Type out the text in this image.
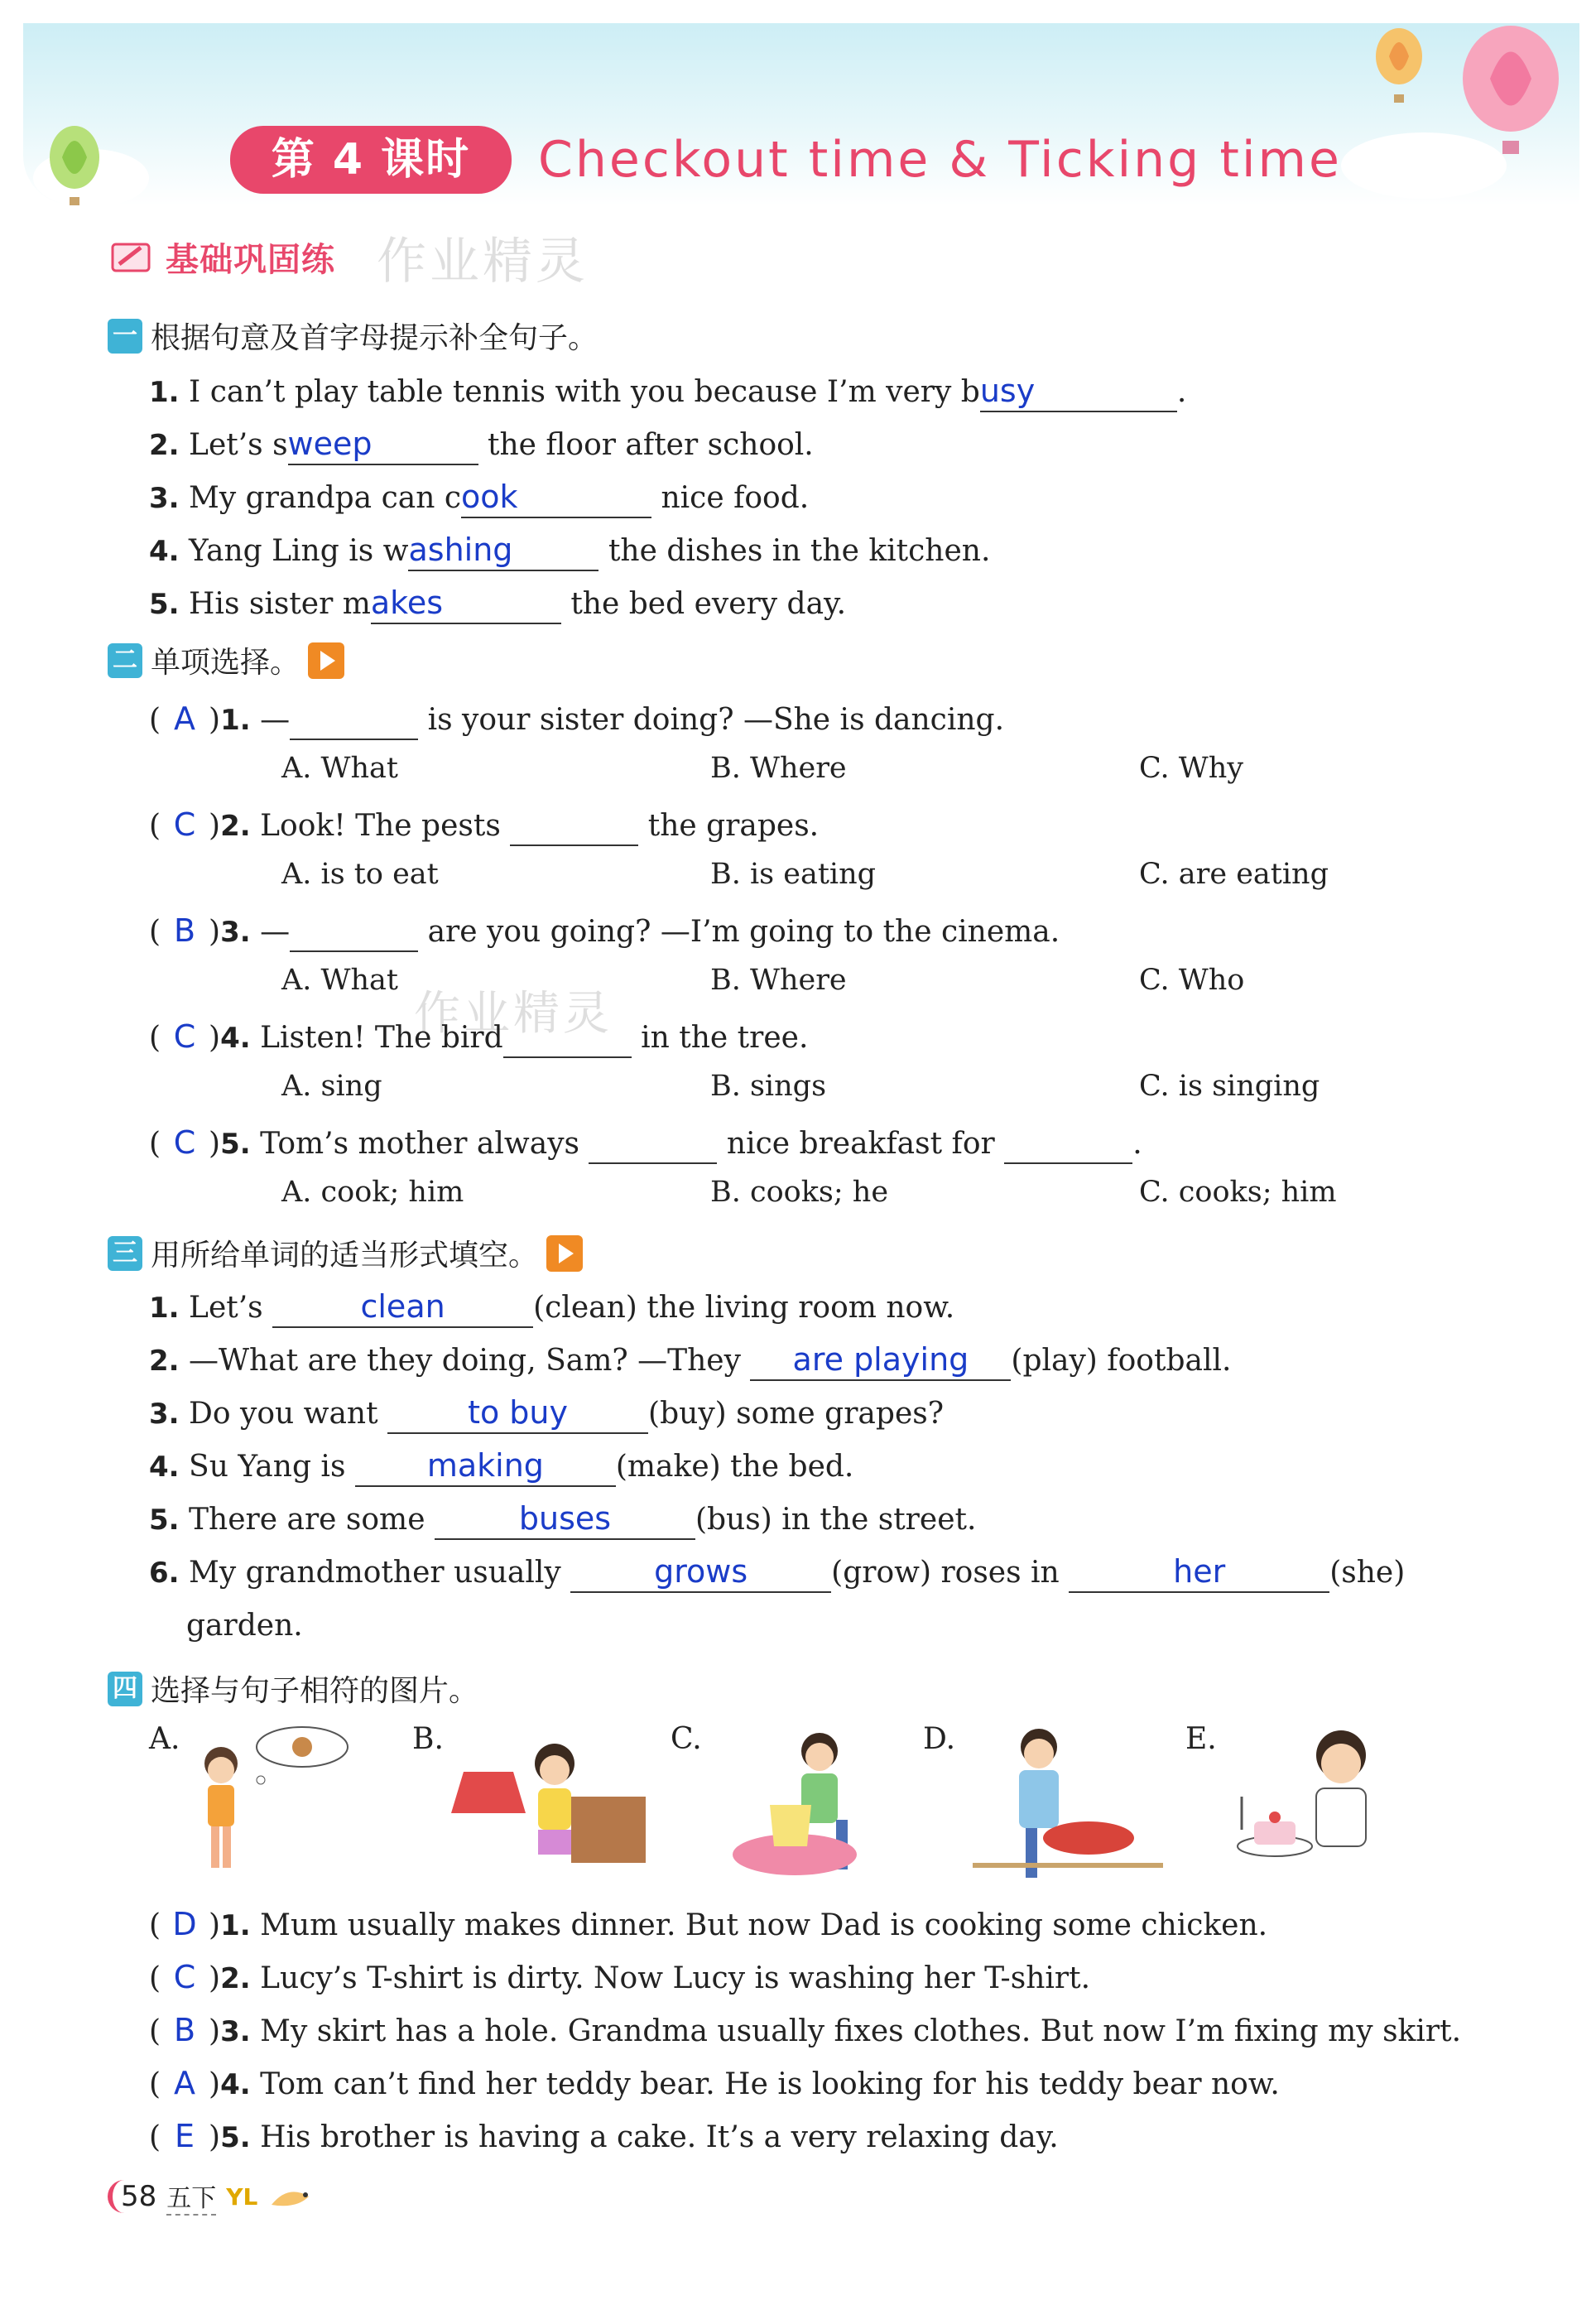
第 4 课时	Checkout time & Ticking time
基础巩固练 作业精灵
一 根据句意及首字母提示补全句子。
1. I can’t play table tennis with you because I’m very busy	.
2. Let’s sweep	the floor after school.
3. My grandpa can cook	nice food.
4. Yang Ling is washing	the dishes in the kitchen.
5. His sister makes	the bed every day.
二 单项选择。
( A )1. —	is your sister doing? —She is dancing.
A. What	B. Where	C. Why
( C )2. Look! The pests	the grapes.
A. is to eat	B. is eating	C. are eating
( B )3. —	are you going? —I’m going to the cinema.
A. What	B. Where	C. Who
作业精灵
( C )4. Listen! The bird	in the tree.
A. sing	B. sings	C. is singing
( C )5. Tom’s mother always	nice breakfast for	.
A. cook; him	B. cooks; he	C. cooks; him
三 用所给单词的适当形式填空。
1. Let’s	clean	(clean) the living room now.
2. —What are they doing, Sam? —They are playing (play) football.
3. Do you want	to buy	(buy) some grapes?
4. Su Yang is	making (make) the bed.
5. There are some	buses	(bus) in the street.
6. My grandmother usually	grows	(grow) roses in	her	(she)
garden.
四 选择与句子相符的图片。
A.	B.	C.	D.	E.
( D )1. Mum usually makes dinner. But now Dad is cooking some chicken.
( C )2. Lucy’s T-shirt is dirty. Now Lucy is washing her T-shirt.
( B )3. My skirt has a hole. Grandma usually fixes clothes. But now I’m fixing my skirt.
( A )4. Tom can’t find her teddy bear. He is looking for his teddy bear now.
( E )5. His brother is having a cake. It’s a very relaxing day.
58 五下 YL
